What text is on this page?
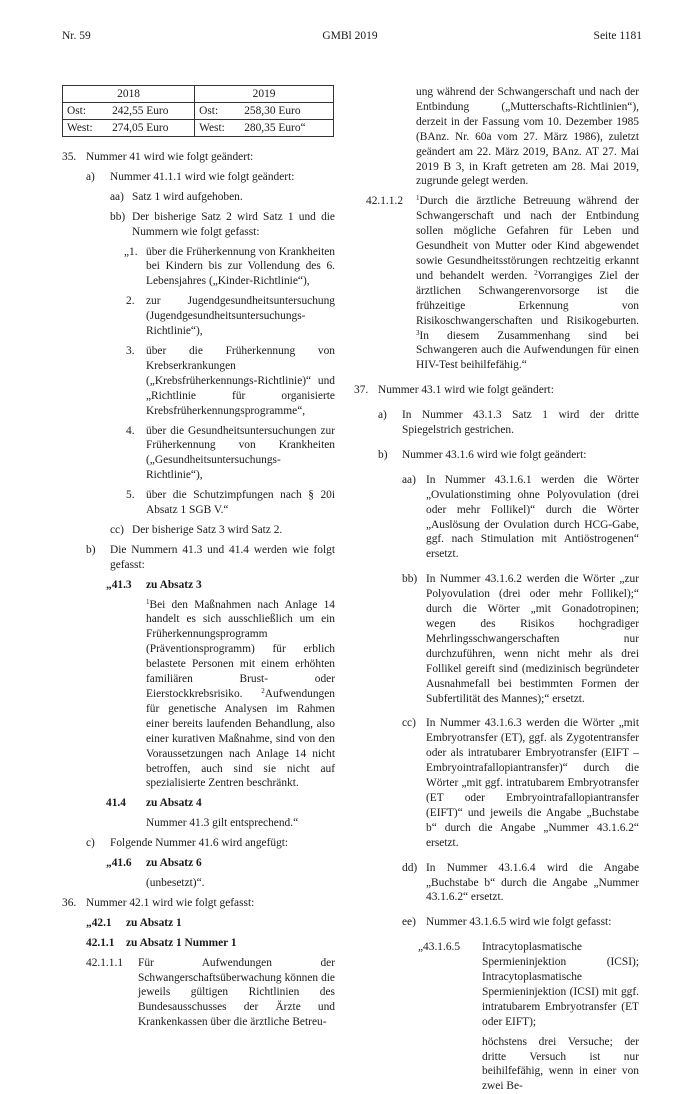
Nr. 59	GMBl 2019	Seite 1181
2018		2019	
Ost:	242,55 Euro	Ost:	258,30 Euro
West:	274,05 Euro	West:	280,35 Euro“
35. Nummer 41 wird wie folgt geändert:
a)	Nummer 41.1.1 wird wie folgt geändert:
aa) Satz 1 wird aufgehoben.
bb) Der bisherige Satz 2 wird Satz 1 und die Nummern wie folgt gefasst:
„1. über die Früherkennung von Krankheiten bei Kindern bis zur Vollendung des 6. Lebensjahres („Kinder-Richtlinie“),
2.	zur Jugendgesundheitsuntersuchung (Jugendgesundheitsuntersuchungs-Richtlinie“),
3.	über die Früherkennung von Krebserkrankungen („Krebsfrüherkennungs-Richtlinie)“ und „Richtlinie für organisierte Krebsfrüherkennungsprogramme“,
4.	über die Gesundheitsuntersuchungen zur Früherkennung von Krankheiten („Gesundheitsuntersuchungs-Richtlinie“),
5.	über die Schutzimpfungen nach § 20i Absatz 1 SGB V.“
cc) Der bisherige Satz 3 wird Satz 2.
b)	Die Nummern 41.3 und 41.4 werden wie folgt gefasst:
„41.3	zu Absatz 3

$^1$Bei den Maßnahmen nach Anlage 14 handelt es sich ausschließlich um ein Früherkennungsprogramm (Präventionsprogramm) für erblich belastete Personen mit einem erhöhten familiären Brust- oder Eierstockkrebsrisiko. $^2$Aufwendungen für genetische Analysen im Rahmen einer bereits laufenden Behandlung, also einer kurativen Maßnahme, sind von den Voraussetzungen nach Anlage 14 nicht betroffen, auch sind sie nicht auf spezialisierte Zentren beschränkt.

41.4	zu Absatz 4

Nummer 41.3 gilt entsprechend.“

c)	Folgende Nummer 41.6 wird angefügt:
„41.6	zu Absatz 6

(unbesetzt)“.

36. Nummer 42.1 wird wie folgt gefasst:
„42.1	zu Absatz 1
42.1.1	zu Absatz 1 Nummer 1
42.1.1.1	Für Aufwendungen der Schwangerschaftsüberwachung können die jeweils gültigen Richtlinien des Bundesausschusses der Ärzte und Krankenkassen über die ärztliche Betreu-

ung während der Schwangerschaft und nach der Entbindung („Mutterschafts-Richtlinien“), derzeit in der Fassung vom 10. Dezember 1985 (BAnz. Nr. 60a vom 27. März 1986), zuletzt geändert am 22. März 2019, BAnz. AT 27. Mai 2019 B 3, in Kraft getreten am 28. Mai 2019, zugrunde gelegt werden.

42.1.1.2	$^1$Durch die ärztliche Betreuung während der Schwangerschaft und nach der Entbindung sollen mögliche Gefahren für Leben und Gesundheit von Mutter oder Kind abgewendet sowie Gesundheitsstörungen rechtzeitig erkannt und behandelt werden. $^2$Vorrangiges Ziel der ärztlichen Schwangerenvorsorge ist die frühzeitige Erkennung von Risikoschwangerschaften und Risikogeburten. $^3$In diesem Zusammenhang sind bei Schwangeren auch die Aufwendungen für einen HIV-Test beihilfefähig.“
37. Nummer 43.1 wird wie folgt geändert:
a)	In Nummer 43.1.3 Satz 1 wird der dritte Spiegelstrich gestrichen.
b)	Nummer 43.1.6 wird wie folgt geändert:
aa) In Nummer 43.1.6.1 werden die Wörter „Ovulationstiming ohne Polyovulation (drei oder mehr Follikel)“ durch die Wörter „Auslösung der Ovulation durch HCG-Gabe, ggf. nach Stimulation mit Antiöstrogenen“ ersetzt.
bb) In Nummer 43.1.6.2 werden die Wörter „zur Polyovulation (drei oder mehr Follikel);“ durch die Wörter „mit Gonadotropinen; wegen des Risikos hochgradiger Mehrlingsschwangerschaften nur durchzuführen, wenn nicht mehr als drei Follikel gereift sind (medizinisch begründeter Ausnahmefall bei bestimmten Formen der Subfertilität des Mannes);“ ersetzt.
cc) In Nummer 43.1.6.3 werden die Wörter „mit Embryotransfer (ET), ggf. als Zygotentransfer oder als intratubarer Embryotransfer (EIFT – Embryointrafallopiantransfer)“ durch die Wörter „mit ggf. intratubarem Embryotransfer (ET oder Embryointrafallopiantransfer (EIFT)“ und jeweils die Angabe „Buchstabe b“ durch die Angabe „Nummer 43.1.6.2“ ersetzt.
dd) In Nummer 43.1.6.4 wird die Angabe „Buchstabe b“ durch die Angabe „Nummer 43.1.6.2“ ersetzt.
ee) Nummer 43.1.6.5 wird wie folgt gefasst:
„43.1.6.5	Intracytoplasmatische Spermieninjektion (ICSI); Intracytoplasmatische Spermieninjektion (ICSI) mit ggf. intratubarem Embryotransfer (ET oder EIFT);
höchstens drei Versuche; der dritte Versuch ist nur beihilfefähig, wenn in einer von zwei Be-
